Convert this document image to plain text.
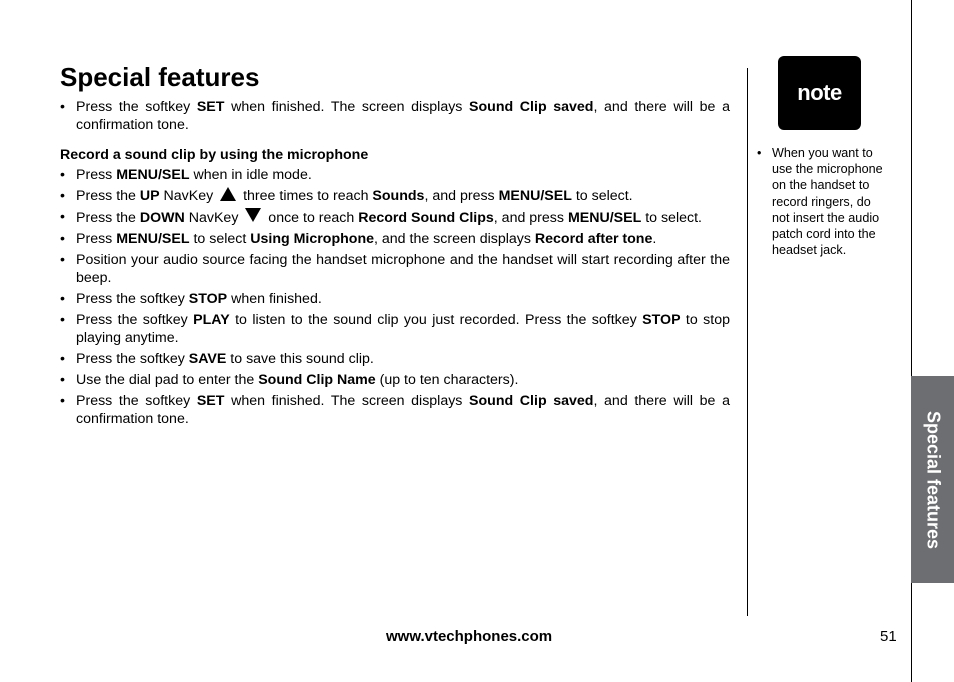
Special features
• Press the softkey SET when finished. The screen displays Sound Clip saved, and there will be a confirmation tone.

Record a sound clip by using the microphone

• Press MENU/SEL when in idle mode.
• Press the UP NavKey  three times to reach Sounds, and press MENU/SEL to select.
• Press the DOWN NavKey  once to reach Record Sound Clips, and press MENU/SEL to select.
• Press MENU/SEL to select Using Microphone, and the screen displays Record after tone.
• Position your audio source facing the handset microphone and the handset will start recording after the beep.
• Press the softkey STOP when finished.
• Press the softkey PLAY to listen to the sound clip you just recorded. Press the softkey STOP to stop playing anytime.
• Press the softkey SAVE to save this sound clip.
• Use the dial pad to enter the Sound Clip Name (up to ten characters).
• Press the softkey SET when finished. The screen displays Sound Clip saved, and there will be a confirmation tone.
note
• When you want to use the microphone on the handset to record ringers, do not insert the audio patch cord into the headset jack.
Special features
www.vtechphones.com	51
